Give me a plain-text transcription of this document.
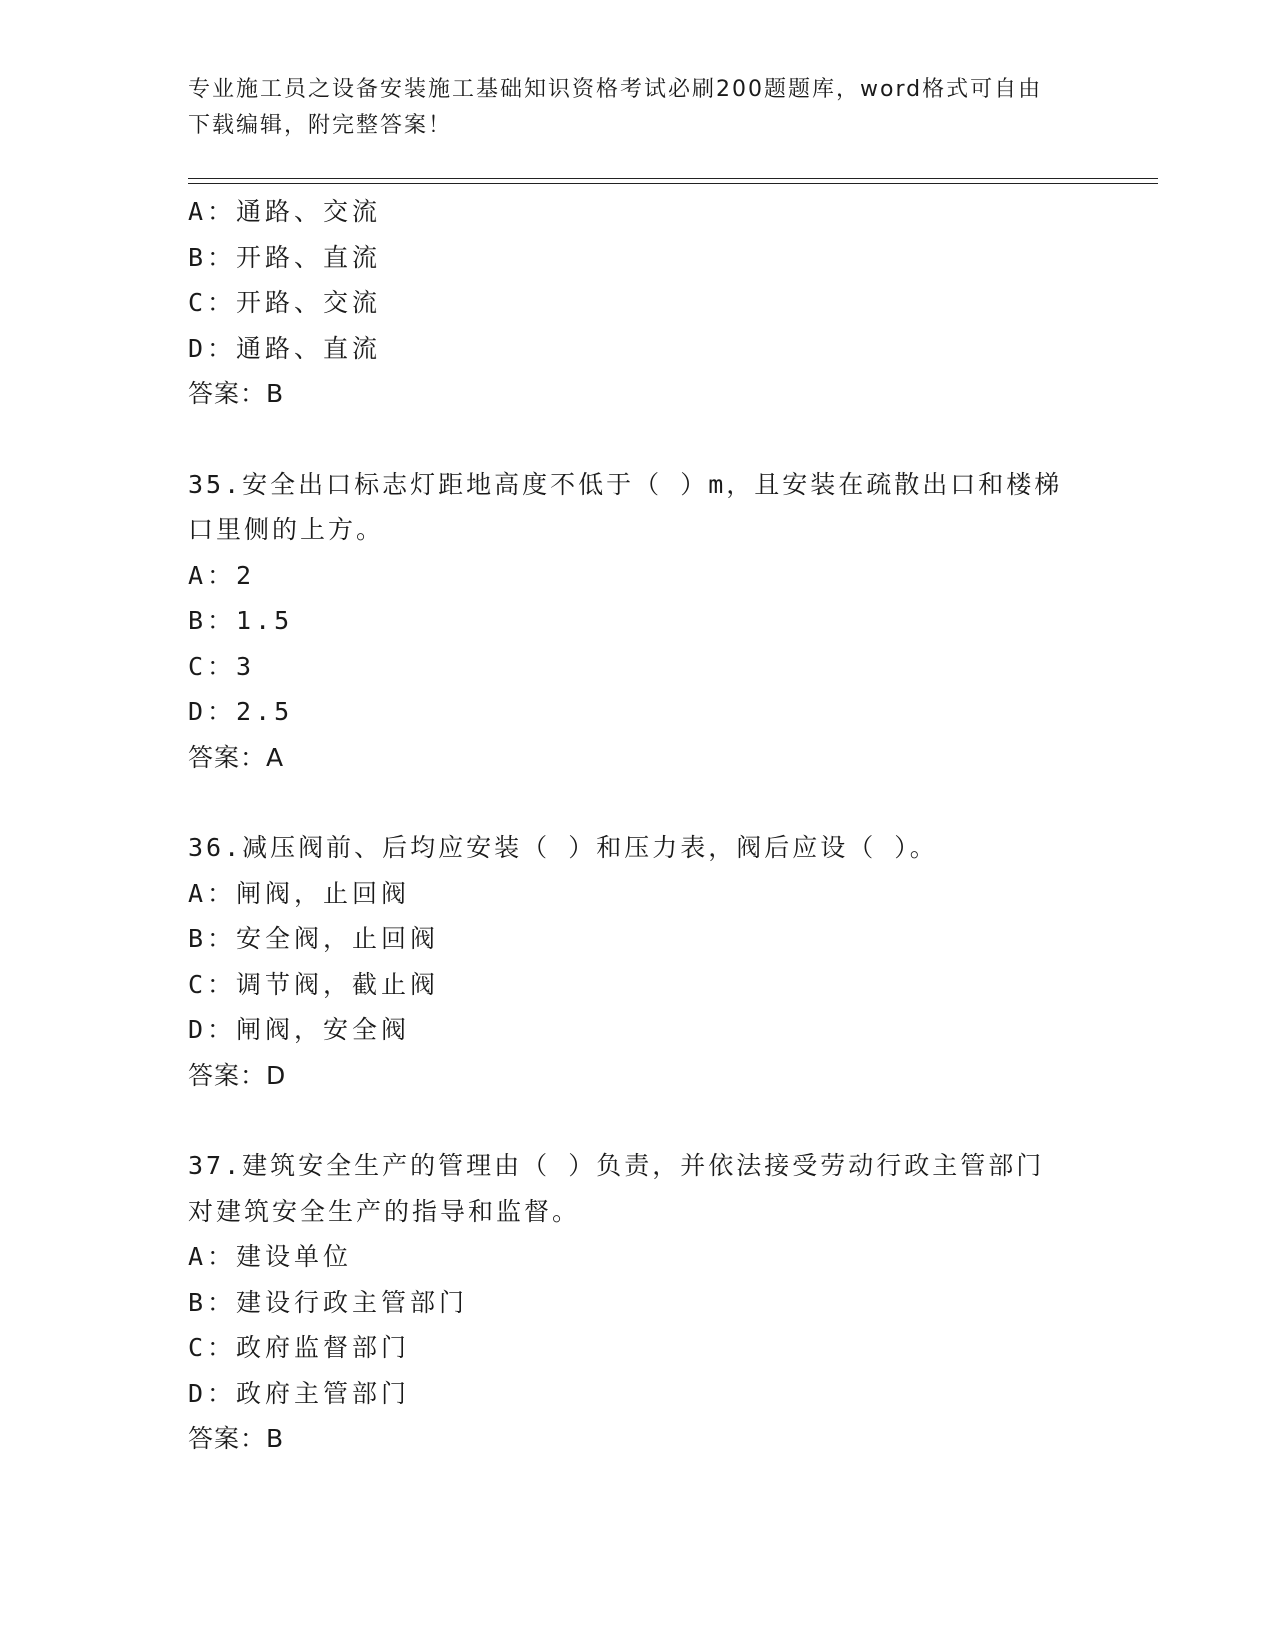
专业施工员之设备安装施工基础知识资格考试必刷200题题库，word格式可自由
下载编辑，附完整答案！

A：通路、交流

B：开路、直流

C：开路、交流

D：通路、直流

答案：B

35.安全出口标志灯距地高度不低于（ ）m，且安装在疏散出口和楼梯

口里侧的上方。

A：2

B：1.5

C：3

D：2.5

答案：A

36.减压阀前、后均应安装（ ）和压力表，阀后应设（ ）。

A：闸阀，止回阀

B：安全阀，止回阀

C：调节阀，截止阀

D：闸阀，安全阀

答案：D

37.建筑安全生产的管理由（ ）负责，并依法接受劳动行政主管部门

对建筑安全生产的指导和监督。

A：建设单位

B：建设行政主管部门

C：政府监督部门

D：政府主管部门

答案：B
